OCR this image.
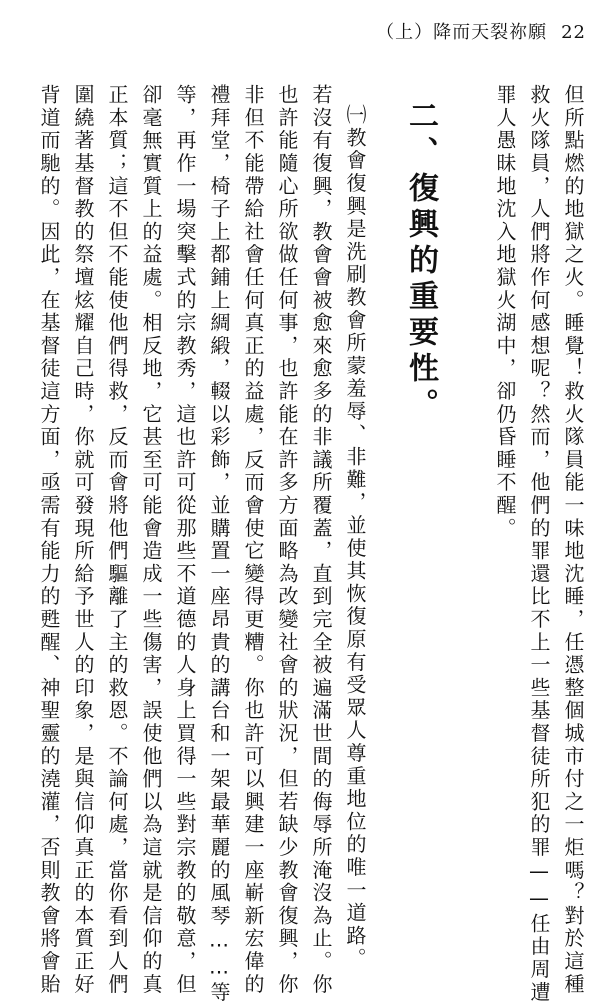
（上）降而天裂祢願 22
但所點燃的地獄之火。睡覺！救火隊員能一味地沈睡，任憑整個城市付之一炬嗎？對於這種
救火隊員，人們將作何感想呢？然而，他們的罪還比不上一些基督徒所犯的罪——任由周遭
罪人愚昧地沈入地獄火湖中，卻仍昏睡不醒。
二、復興的重要性。
㈠教會復興是洗刷教會所蒙羞辱、非難，並使其恢復原有受眾人尊重地位的唯一道路。
若沒有復興，教會會被愈來愈多的非議所覆蓋，直到完全被遍滿世間的侮辱所淹沒為止。你
也許能隨心所欲做任何事，也許能在許多方面略為改變社會的狀況，但若缺少教會復興，你
非但不能帶給社會任何真正的益處，反而會使它變得更糟。你也許可以興建一座嶄新宏偉的
禮拜堂，椅子上都鋪上綢緞，輟以彩飾，並購置一座昂貴的講台和一架最華麗的風琴……等
等，再作一場突擊式的宗教秀，這也許可從那些不道德的人身上買得一些對宗教的敬意，但
卻毫無實質上的益處。相反地，它甚至可能會造成一些傷害，誤使他們以為這就是信仰的真
正本質；這不但不能使他們得救，反而會將他們驅離了主的救恩。不論何處，當你看到人們
圍繞著基督教的祭壇炫耀自己時，你就可發現所給予世人的印象，是與信仰真正的本質正好
背道而馳的。因此，在基督徒這方面，亟需有能力的甦醒、神聖靈的澆灌，否則教會將會貽
